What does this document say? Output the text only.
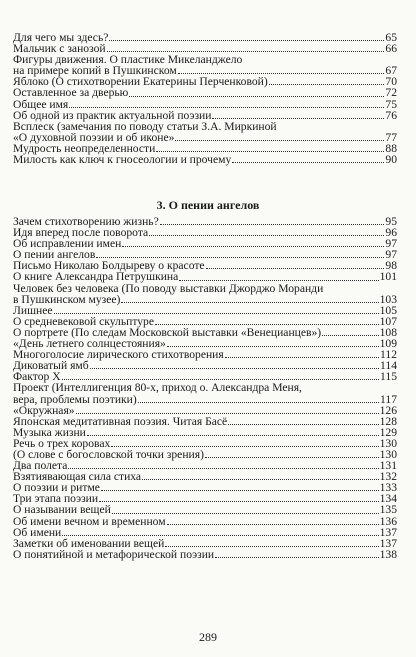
Для чего мы здесь?	65
Мальчик с занозой	66
Фигуры движения. О пластике Микеланджело
на примере копий в Пушкинском	67
Яблоко (О стихотворении Екатерины Перченковой)	70
Оставленное за дверью	72
Общее имя	75
Об одной из практик актуальной поэзии	76
Всплеск (замечания по поводу статьи З.А. Миркиной
«О духовной поэзии и об иконе»	77
Мудрость неопределенности	88
Милость как ключ к гносеологии и прочему	90
3. О пении ангелов
Зачем стихотворению жизнь?	95
Идя вперед после поворота	96
Об исправлении имен	97
О пении ангелов	97
Письмо Николаю Болдыреву о красоте	98
О книге Александра Петрушкина	101
Человек без человека (По поводу выставки Джорджо Моранди
в Пушкинском музее)	103
Лишнее	105
О средневековой скульптуре	107
О портрете (По следам Московской выставки «Венецианцев»)	108
«День летнего солнцестояния»	109
Многоголосие лирического стихотворения	112
Диковатый ямб	114
Фактор Х	115
Проект (Интеллигенция 80-х, приход о. Александра Меня,
вера, проблемы поэтики)	117
«Окружная»	126
Японская медитативная поэзия. Читая Басё	128
Музыка жизни	129
Речь о трех коровах	130
(О слове с богословской точки зрения)	130
Два полета	131
Взятиявающая сила стиха	132
О поэзии и ритме	133
Три этапа поэзии	134
О назывании вещей	135
Об имени вечном и временном	136
Об имени	137
Заметки об именовании вещей	137
О понятийной и метафорической поэзии	138
289
